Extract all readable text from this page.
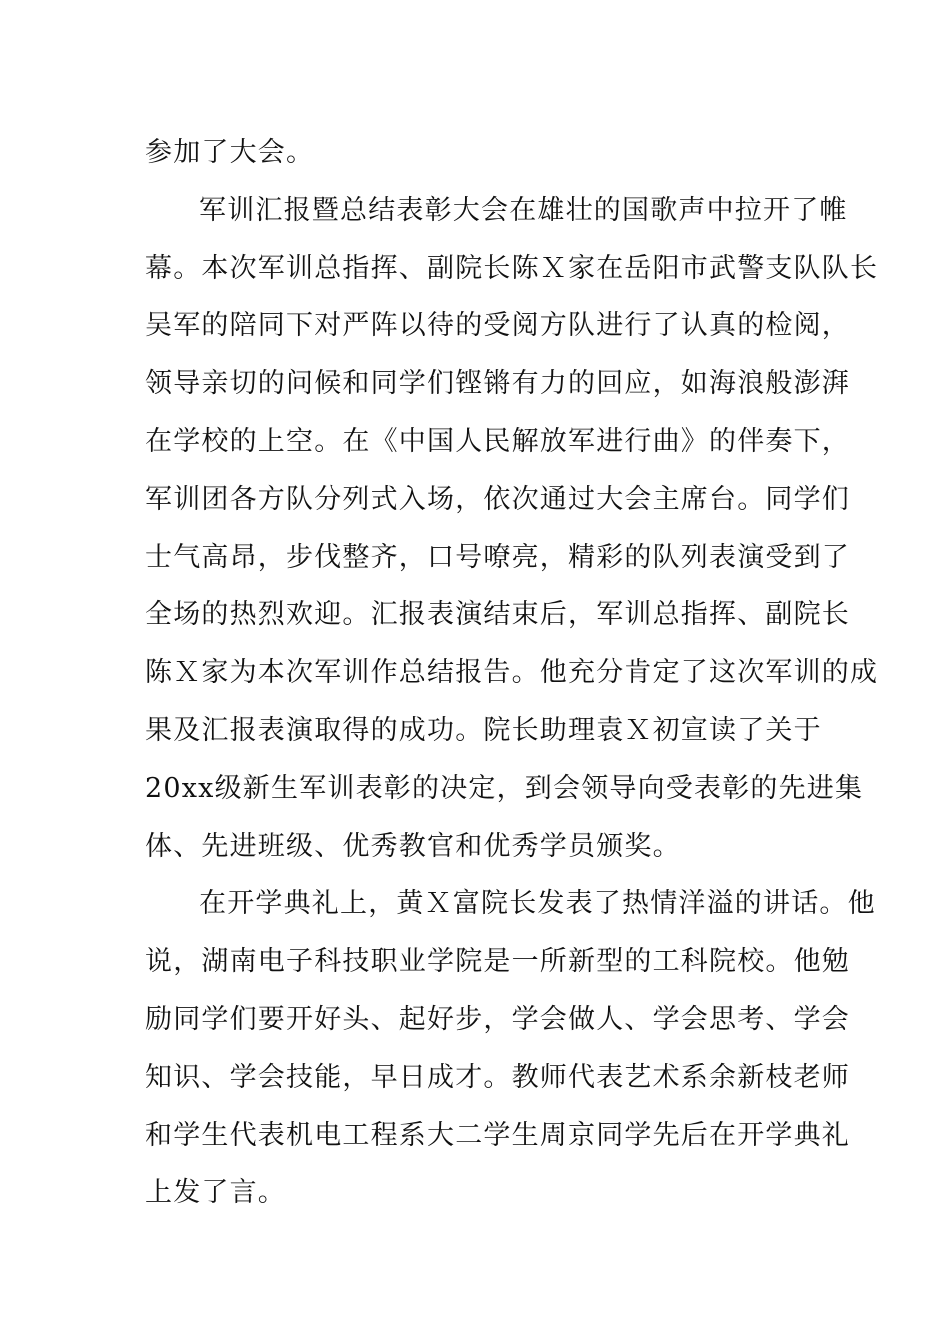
参加了大会。
军训汇报暨总结表彰大会在雄壮的国歌声中拉开了帷
幕。本次军训总指挥、副院长陈Ｘ家在岳阳市武警支队队长
吴军的陪同下对严阵以待的受阅方队进行了认真的检阅，
领导亲切的问候和同学们铿锵有力的回应，如海浪般澎湃
在学校的上空。在《中国人民解放军进行曲》的伴奏下，
军训团各方队分列式入场，依次通过大会主席台。同学们
士气高昂，步伐整齐，口号嘹亮，精彩的队列表演受到了
全场的热烈欢迎。汇报表演结束后，军训总指挥、副院长
陈Ｘ家为本次军训作总结报告。他充分肯定了这次军训的成
果及汇报表演取得的成功。院长助理袁Ｘ初宣读了关于
20xx级新生军训表彰的决定，到会领导向受表彰的先进集
体、先进班级、优秀教官和优秀学员颁奖。
在开学典礼上，黄Ｘ富院长发表了热情洋溢的讲话。他
说，湖南电子科技职业学院是一所新型的工科院校。他勉
励同学们要开好头、起好步，学会做人、学会思考、学会
知识、学会技能，早日成才。教师代表艺术系余新枝老师
和学生代表机电工程系大二学生周京同学先后在开学典礼
上发了言。
